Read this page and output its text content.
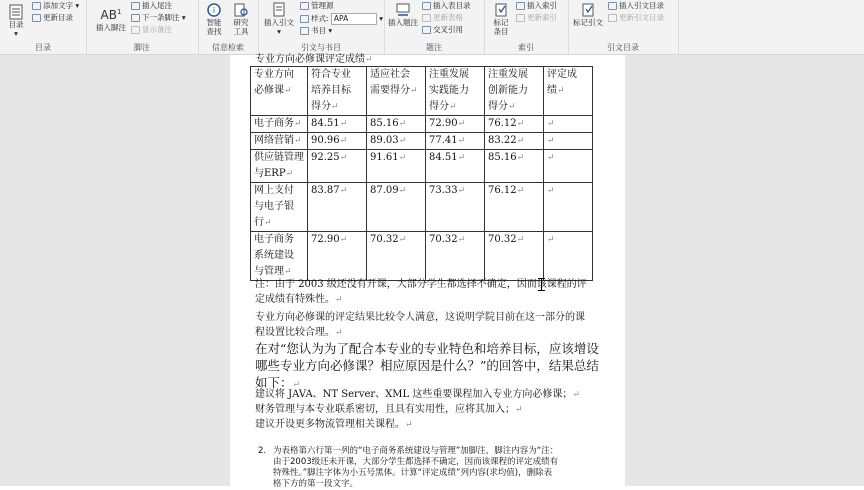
目录
▾
添加文字 ▾
更新目录
目录
$AB^1$
插入脚注
插入尾注
下一条脚注 ▾
显示备注
脚注
i
智能
查找
研究
工具
信息检索
插入引文
▾
管理源
样式: APA	▾
书目 ▾
引文与书目
插入题注
插入表目录
更新表格
交叉引用
题注
标记
条目
插入索引
更新索引
索引
标记引文
插入引文目录
更新引文目录
引文目录
专业方向必修课评定成绩↵
专业方向
必修课↵	符合专业
培养目标
得分↵	适应社会
需要得分↵	注重发展
实践能力
得分↵	注重发展
创新能力
得分↵	评定成
绩↵
电子商务↵	84.51↵	85.16↵	72.90↵	76.12↵	↵
网络营销↵	90.96↵	89.03↵	77.41↵	83.22↵	↵
供应链管理
与ERP↵	92.25↵	91.61↵	84.51↵	85.16↵	↵
网上支付
与电子银
行↵	83.87↵	87.09↵	73.33↵	76.12↵	↵
电子商务
系统建设
与管理↵	72.90↵	70.32↵	70.32↵	70.32↵	↵
注：由于 2003 级还没有开课，大部分学生都选择不确定，因而该课程的评
定成绩有特殊性。↵
专业方向必修课的评定结果比较令人满意，这说明学院目前在这一部分的课
程设置比较合理。↵
在对“您认为为了配合本专业的专业特色和培养目标，应该增设
哪些专业方向必修课？相应原因是什么？”的回答中，结果总结
如下：↵
建议将 JAVA、NT Server、XML 这些重要课程加入专业方向必修课；↵
财务管理与本专业联系密切，且具有实用性，应将其加入；↵
建议开设更多物流管理相关课程。↵
2. 为表格第六行第一列的“电子商务系统建设与管理”加脚注，脚注内容为“注：
由于2003级还未开课，大部分学生都选择不确定，因而该课程的评定成绩有
特殊性。”脚注字体为小五号黑体。计算“评定成绩”列内容(求均值)，删除表
格下方的第一段文字。
